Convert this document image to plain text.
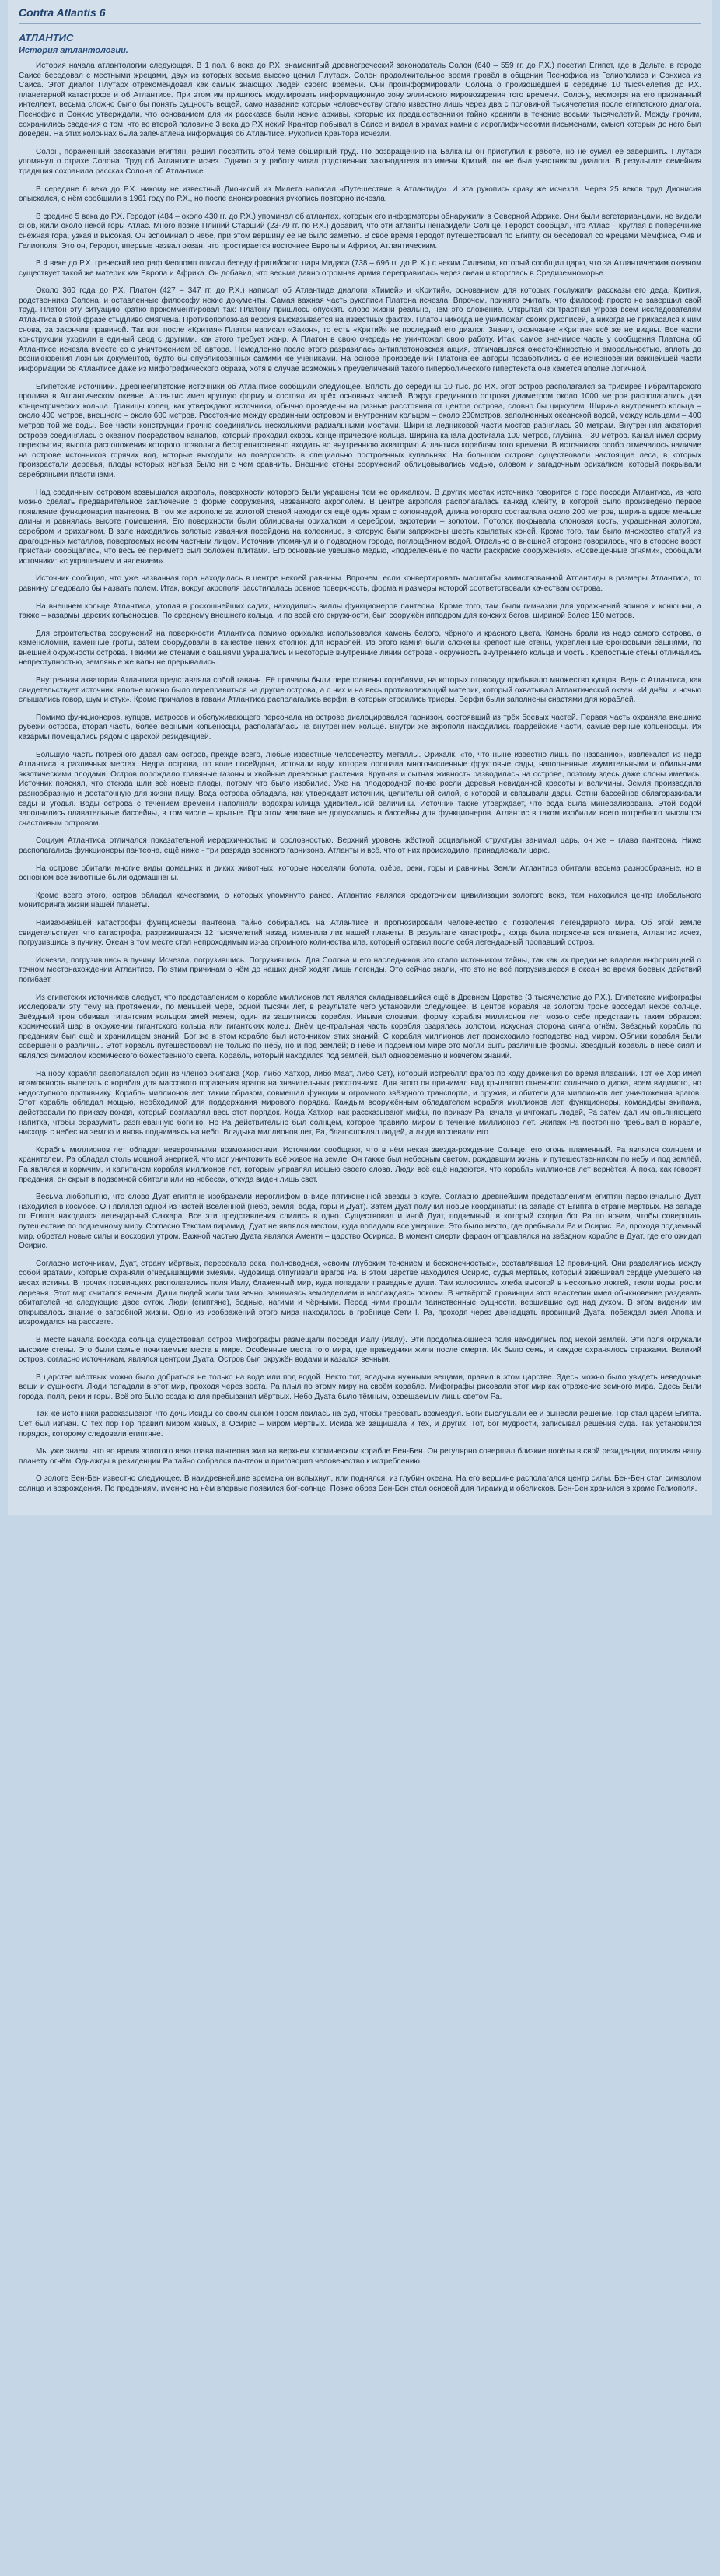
Contra Atlantis 6
АТЛАНТИС
История атлантологии.

История начала атлантологии следующая. В 1 пол. 6 века до Р.Х. знаменитый древнегреческий законодатель Солон (640 – 559 гг. до Р.Х.) посетил Египет, где в Дельте, в городе Саисе беседовал с местными жрецами, двух из которых весьма высоко ценил Плутарх. Солон продолжительное время провёл в общении Псенофиса из Гелиополиса и Сонхиса из Саиса. Этот диалог Плутарх отрекомендовал как самых знающих людей своего времени. Они проинформировали Солона о произошедшей в середине 10 тысячелетия до Р.Х. планетарной катастрофе и об Атлантисе. При этом им пришлось модулировать информационную зону эллинского мировоззрения того времени. Солону, несмотря на его признанный интеллект, весьма сложно было бы понять сущность вещей, само название которых человечеству стало известно лишь через два с половиной тысячелетия после египетского диалога. Псенофис и Сонхис утверждали, что основанием для их рассказов были некие архивы, которые их предшественники тайно хранили в течение восьми тысячелетий. Между прочим, сохранились сведения о том, что во второй половине 3 века до Р.Х некий Крантор побывал в Саисе и видел в храмах камни с иероглифическими письменами, смысл которых до него был доведён. На этих колоннах была запечатлена информация об Атлантисе. Рукописи Крантора исчезли.

Солон, поражённый рассказами египтян, решил посвятить этой теме обширный труд. По возвращению на Балканы он приступил к работе, но не сумел её завершить. Плутарх упомянул о страхе Солона. Труд об Атлантисе исчез. Однако эту работу читал родственник законодателя по имени Критий, он же был участником диалога. В результате семейная традиция сохранила рассказ Солона об Атлантисе.

В середине 6 века до Р.Х. никому не известный Дионисий из Милета написал «Путешествие в Атлантиду». И эта рукопись сразу же исчезла. Через 25 веков труд Дионисия опыскался, о нём сообщили в 1961 году по Р.Х., но после анонсирования рукопись повторно исчезла.

В средине 5 века до Р.Х. Геродот (484 – около 430 гг. до Р.Х.) упоминал об атлантах, которых его информаторы обнаружили в Северной Африке. Они были вегетарианцами, не видели снов, жили около некой горы Атлас. Много позже Плиний Старший (23-79 гг. по Р.Х.) добавил, что эти атланты ненавидели Солнце. Геродот сообщал, что Атлас – круглая в поперечнике снежная гора, узкая и высокая. Он вспоминал о небе, при этом вершину её не было заметно. В свое время Геродот путешествовал по Египту, он беседовал со жрецами Мемфиса, Фив и Гелиополя. Это он, Геродот, впервые назвал океан, что простирается восточнее Европы и Африки, Атлантическим.

В 4 веке до Р.Х. греческий географ Феопомп описал беседу фригийского царя Мидаса (738 – 696 гг. до Р. Х.) с неким Силеном, который сообщил царю, что за Атлантическим океаном существует такой же материк как Европа и Африка. Он добавил, что весьма давно огромная армия переправилась через океан и вторглась в Средиземноморье.

Около 360 года до Р.Х. Платон (427 – 347 гг. до Р.Х.) написал об Атлантиде диалоги «Тимей» и «Критий», основанием для которых послужили рассказы его деда, Крития, родственника Солона, и оставленные философу некие документы. Самая важная часть рукописи Платона исчезла. Впрочем, принято считать, что философ просто не завершил свой труд. Платон эту ситуацию кратко прокомментировал так: Платону пришлось опускать слово жизни реально, чем это сложение. Открытая контрастная угроза всем исследователям Атлантиса в этой фразе стыдливо смягчена. Противоположная версия высказывается на известных фактах. Платон никогда не уничтожал своих рукописей, а никогда не прикасался к ним снова, за закончив правиной. Так вот, после «Крития» Платон написал «Закон», то есть «Критий» не последний его диалог. Значит, окончание «Крития» всё же не видны. Все части конструкции уходили в единый свод с другими, как этого требует жанр. А Платон в свою очередь не уничтожал свою работу. Итак, самое значимое часть у сообщения Платона об Атлантисе исчезла вместе со с уничтожением её автора. Немедленно после этого разразилась антиплатоновская акция, отличавшаяся ожесточённостью и аморальностью, вплоть до возникновения ложных документов, будто бы опубликованных самими же учениками. На основе произведений Платона её авторы позаботились о её исчезновении важнейшей части информации об Атлантисе даже из мифографического образа, хотя в случае возможных преувеличений такого гиперболического гипертекста она кажется вполне логичной.

Египетские источники. Древнеегипетские источники об Атлантисе сообщили следующее. Вплоть до середины 10 тыс. до Р.Х. этот остров располагался за тривирее Гибралтарского пролива в Атлантическом океане. Атлантис имел круглую форму и состоял из трёх основных частей. Вокруг срединного острова диаметром около 1000 метров располагались два концентрических кольца. Границы колец, как утверждают источники, обычно проведены на разные расстояния от центра острова, словно бы циркулем. Ширина внутреннего кольца – около 400 метров, внешнего – около 600 метров. Расстояние между срединным островом и внутренним кольцом – около 200метров, заполненных океанской водой, между кольцами – 400 метров той же воды. Все части конструкции прочно соединялись несколькими радиальными мостами. Ширина ледниковой части мостов равнялась 30 метрам. Внутренняя акватория острова соединялась с океаном посредством каналов, который проходил сквозь концентрические кольца. Ширина канала достигала 100 метров, глубина – 30 метров. Канал имел форму перекрытия; высота расположения которого позволяла беспрепятственно входить во внутреннюю акваторию Атлантиса кораблям того времени. В источниках особо отмечалось наличие на острове источников горячих вод, которые выходили на поверхность в специально построенных купальнях. На большом острове существовали настоящие леса, в которых произрастали деревья, плоды которых нельзя было ни с чем сравнить. Внешние стены сооружений облицовывались медью, оловом и загадочным орихалком, который покрывали серебряными пластинами.

Над срединным островом возвышался акрополь, поверхности которого были украшены тем же орихалком. В других местах источника говорится о горе посреди Атлантиса, из чего можно сделать предварительное заключение о форме сооружения, названного акрополем. В центре акрополя располагалась канкад клейту, в которой было произведено первое появление функционарии пантеона. В том же акрополе за золотой стеной находился ещё один храм с колоннадой, длина которого составляла около 200 метров, ширина вдвое меньше длины и равнялась высоте помещения. Его поверхности были облицованы орихалком и серебром, акротерии – золотом. Потолок покрывала слоновая кость, украшенная золотом, серебром и орихалком. В зале находились золотые изваяния посейдона на колеснице, в которую были запряжены шесть крылатых коней. Кроме того, там было множество статуй из драгоценных металлов, повергаемых неким частным лицом. Источник упомянул и о подводном городе, поглощённом водой. Отдельно о внешней стороне говорилось, что в стороне ворот пристани сообщались, что весь её периметр был обложен плитами. Его основание увешано медью, «подзелечёные по части раскраске сооружения». «Освещённые огнями», сообщали источники: «с украшением и явлением».

Источник сообщил, что уже названная гора находилась в центре некоей равнины. Впрочем, если конвертировать масштабы заимствованной Атлантиды в размеры Атлантиса, то равнину следовало бы назвать полем. Итак, вокруг акрополя расстилалась ровное поверхность, форма и размеры которой соответствовали качествам острова.

На внешнем кольце Атлантиса, утопая в роскошнейших садах, находились виллы функционеров пантеона. Кроме того, там были гимназии для упражнений воинов и конюшни, а также – казармы царских копьеносцев. По среднему внешнего кольца, и по всей его окружности, был сооружён ипподром для конских бегов, шириной более 150 метров.

Для строительства сооружений на поверхности Атлантиса помимо орихалка использовался камень белого, чёрного и красного цвета. Камень брали из недр самого острова, а каменоломни, каменные гроты, затем оборудовали в качестве неких стоянок для кораблей. Из этого камня были сложены крепостные стены, укреплённые бронзовыми башнями, по внешней окружности острова. Такими же стенами с башнями украшались и некоторые внутренние линии острова - окружность внутреннего кольца и мосты. Крепостные стены отличались непреступностью, земляные же валы не прерывались.

Внутренняя акватория Атлантиса представляла собой гавань. Её причалы были переполнены кораблями, на которых отовсюду прибывало множество купцов. Ведь с Атлантиса, как свидетельствует источник, вполне можно было переправиться на другие острова, а с них и на весь противолежащий материк, который охватывал Атлантический океан. «И днём, и ночью слышались говор, шум и стук». Кроме причалов в гавани Атлантиса располагались верфи, в которых строились триеры. Верфи были заполнены снастями для кораблей.

Помимо функционеров, купцов, матросов и обслуживающего персонала на острове дислоцировался гарнизон, состоявший из трёх боевых частей. Первая часть охраняла внешние рубежи острова, вторая часть, более верными копьеносцы, располагалась на внутреннем кольце. Внутри же акрополя находились гвардейские части, самые верные копьеносцы. Их казармы помещались рядом с царской резиденцией.

Большую часть потребного давал сам остров, прежде всего, любые известные человечеству металлы. Орихалк, «то, что ныне известно лишь по названию», извлекался из недр Атлантиса в различных местах. Недра острова, по воле посейдона, источали воду, которая орошала многочисленные фруктовые сады, наполненные изумительными и обильными экзотическими плодами. Остров порождало травяные газоны и хвойные древесные растения. Крупная и сытная живность разводилась на острове, поэтому здесь даже слоны имелись. Источник пояснял, что отсюда шли всё новые плоды, потому что было изобилие. Уже на плодородной почве росли деревья невиданной красоты и величины. Земля производила разнообразную и достаточную для жизни пищу. Вода острова обладала, как утверждает источник, целительной силой, с которой и связывали дары. Сотни бассейнов облагораживали сады и угодья. Воды острова с течением времени наполняли водохранилища удивительной величины. Источник также утверждает, что вода была минерализована. Этой водой заполнились плавательные бассейны, в том числе – крытые. При этом земляне не допускались в бассейны для функционеров. Атлантис в таком изобилии всего потребного мыслился счастливым островом.

Социум Атлантиса отличался показательной иерархичностью и сословностью. Верхний уровень жёсткой социальной структуры занимал царь, он же – глава пантеона. Ниже располагались функционеры пантеона, ещё ниже - три разряда военного гарнизона. Атланты и всё, что от них происходило, принадлежали царю.

На острове обитали многие виды домашних и диких животных, которые населяли болота, озёра, реки, горы и равнины. Земли Атлантиса обитали весьма разнообразные, но в основном все животные были одомашнены.

Кроме всего этого, остров обладал качествами, о которых упомянуто ранее. Атлантис являлся средоточием цивилизации золотого века, там находился центр глобального мониторинга жизни нашей планеты.

Наиважнейшей катастрофы функционеры пантеона тайно собирались на Атлантисе и прогнозировали человечество с позволения легендарного мира. Об этой земле свидетельствует, что катастрофа, разразившаяся 12 тысячелетий назад, изменила лик нашей планеты. В результате катастрофы, когда была потрясена вся планета, Атлантис исчез, погрузившись в пучину. Океан в том месте стал непроходимым из-за огромного количества ила, который оставил после себя легендарный пропавший остров.

Исчезла, погрузившись в пучину. Исчезла, погрузившись. Погрузившись. Для Солона и его наследников это стало источником тайны, так как их предки не владели информацией о точном местонахождении Атлантиса. По этим причинам о нём до наших дней ходят лишь легенды. Это сейчас знали, что это не всё погрузившееся в океан во время боевых действий погибает.

Из египетских источников следует, что представлением о корабле миллионов лет являлся складывавшийся ещё в Древнем Царстве (3 тысячелетие до Р.Х.). Египетские мифографы исследовали эту тему на протяжении, по меньшей мере, одной тысячи лет, в результате чего установили следующее. В центре корабля на золотом троне восседал некое солнце. Звёздный трон обвивал гигантским кольцом змей мехен, один из защитников корабля. Иными словами, форму корабля миллионов лет можно себе представить таким образом: космический шар в окружении гигантского кольца или гигантских колец. Днём центральная часть корабля озарялась золотом, искусная сторона сияла огнём. Звёздный корабль по преданиям был ещё и хранилищем знаний. Бог же в этом корабле был источником этих знаний. С корабля миллионов лет происходило господство над миром. Облики корабля были совершенно различны. Этот корабль путешествовал не только по небу, но и под землёй; в небе и подземном мире это могли быть различные формы. Звёздный корабль в небе сиял и являлся символом космического божественного света. Корабль, который находился под землёй, был одновременно и ковчегом знаний.

На носу корабля располагался один из членов экипажа (Хор, либо Хатхор, либо Маат, либо Сет), который истреблял врагов по ходу движения во время плаваний. Тот же Хор имел возможность вылетать с корабля для массового поражения врагов на значительных расстояниях. Для этого он принимал вид крылатого огненного солнечного диска, всем видимого, но недоступного противнику. Корабль миллионов лет, таким образом, совмещал функции и огромного звёздного транспорта, и оружия, и обители для миллионов лет уничтожения врагов. Этот корабль обладал мощью, необходимой для поддержания мирового порядка. Каждым вооружённым обладателем корабля миллионов лет, функционеры, командиры экипажа, действовали по приказу вождя, который возглавлял весь этот порядок. Когда Хатхор, как рассказывают мифы, по приказу Ра начала уничтожать людей, Ра затем дал им опьяняющего напитка, чтобы образумить разгневанную богиню. Но Ра действительно был солнцем, которое правило миром в течение миллионов лет. Экипаж Ра постоянно пребывал в корабле, нисходя с небес на землю и вновь поднимаясь на небо. Владыка миллионов лет, Ра, благословлял людей, а люди воспевали его.

Корабль миллионов лет обладал невероятными возможностями. Источники сообщают, что в нём некая звезда-рождение Солнце, его огонь пламенный. Ра являлся солнцем и хранителем. Ра обладал столь мощной энергией, что мог уничтожить всё живое на земле. Он также был небесным светом, рождавшим жизнь, и путешественником по небу и под землёй. Ра являлся и кормчим, и капитаном корабля миллионов лет, которым управлял мощью своего слова. Люди всё ещё надеются, что корабль миллионов лет вернётся. А пока, как говорят предания, он скрыт в подземной обители или на небесах, откуда виден лишь свет.

Весьма любопытно, что слово Дуат египтяне изображали иероглифом в виде пятиконечной звезды в круге. Согласно древнейшим представлениям египтян первоначально Дуат находился в космосе. Он являлся одной из частей Вселенной (небо, земля, вода, горы и Дуат). Затем Дуат получил новые координаты: на западе от Египта в стране мёртвых. На западе от Египта находился легендарный Саккара. Все эти представления слились в одно. Существовал и иной Дуат, подземный, в который сходил бог Ра по ночам, чтобы совершить путешествие по подземному миру. Согласно Текстам пирамид, Дуат не являлся местом, куда попадали все умершие. Это было место, где пребывали Ра и Осирис. Ра, проходя подземный мир, обретал новые силы и восходил утром. Важной частью Дуата являлся Аменти – царство Осириса. В момент смерти фараон отправлялся на звёздном корабле в Дуат, где его ожидал Осирис.

Согласно источникам, Дуат, страну мёртвых, пересекала река, полноводная, «своим глубоким течением и бесконечностью», составлявшая 12 провинций. Они разделялись между собой вратами, которые охраняли огнедышащими змеями. Чудовища отпугивали врагов Ра. В этом царстве находился Осирис, судья мёртвых, который взвешивал сердце умершего на весах истины. В прочих провинциях располагались поля Иалу, блаженный мир, куда попадали праведные души. Там колосились хлеба высотой в несколько локтей, текли воды, росли деревья. Этот мир считался вечным. Души людей жили там вечно, занимаясь земледелием и наслаждаясь покоем. В четвёртой провинции этот властелин имел обыкновение раздевать обитателей на следующие двое суток. Люди (египтяне), бедные, нагими и чёрными. Перед ними прошли таинственные сущности, вершившие суд над духом. В этом видении им открывалось знание о загробной жизни. Одно из изображений этого мира находилось в гробнице Сети I. Ра, проходя через двенадцать провинций Дуата, побеждал змея Апопа и возрождался на рассвете.

В месте начала восхода солнца существовал остров Мифографы размещали посреди Иалу (Иалу). Эти продолжающиеся поля находились под некой землёй. Эти поля окружали высокие стены. Это были самые почитаемые места в мире. Особенные места того мира, где праведники жили после смерти. Их было семь, и каждое охранялось стражами. Великий остров, согласно источникам, являлся центром Дуата. Остров был окружён водами и казался вечным.

В царстве мёртвых можно было добраться не только на воде или под водой. Некто тот, владыка нужными вещами, правил в этом царстве. Здесь можно было увидеть неведомые вещи и сущности. Люди попадали в этот мир, проходя через врата. Ра плыл по этому миру на своём корабле. Мифографы рисовали этот мир как отражение земного мира. Здесь были города, поля, реки и горы. Всё это было создано для пребывания мёртвых. Небо Дуата было тёмным, освещаемым лишь светом Ра.

Так же источники рассказывают, что дочь Исиды со своим сыном Гором явилась на суд, чтобы требовать возмездия. Боги выслушали её и вынесли решение. Гор стал царём Египта. Сет был изгнан. С тех пор Гор правил миром живых, а Осирис – миром мёртвых. Исида же защищала и тех, и других. Тот, бог мудрости, записывал решения суда. Так установился порядок, которому следовали египтяне.

Мы уже знаем, что во время золотого века глава пантеона жил на верхнем космическом корабле Бен-Бен. Он регулярно совершал близкие полёты в свой резиденции, поражая нашу планету огнём. Однажды в резиденции Ра тайно собрался пантеон и приговорил человечество к истреблению.

О золоте Бен-Бен известно следующее. В наидревнейшие времена он вспыхнул, или поднялся, из глубин океана. На его вершине располагался центр силы. Бен-Бен стал символом солнца и возрождения. По преданиям, именно на нём впервые появился бог-солнце. Позже образ Бен-Бен стал основой для пирамид и обелисков. Бен-Бен хранился в храме Гелиополя.
